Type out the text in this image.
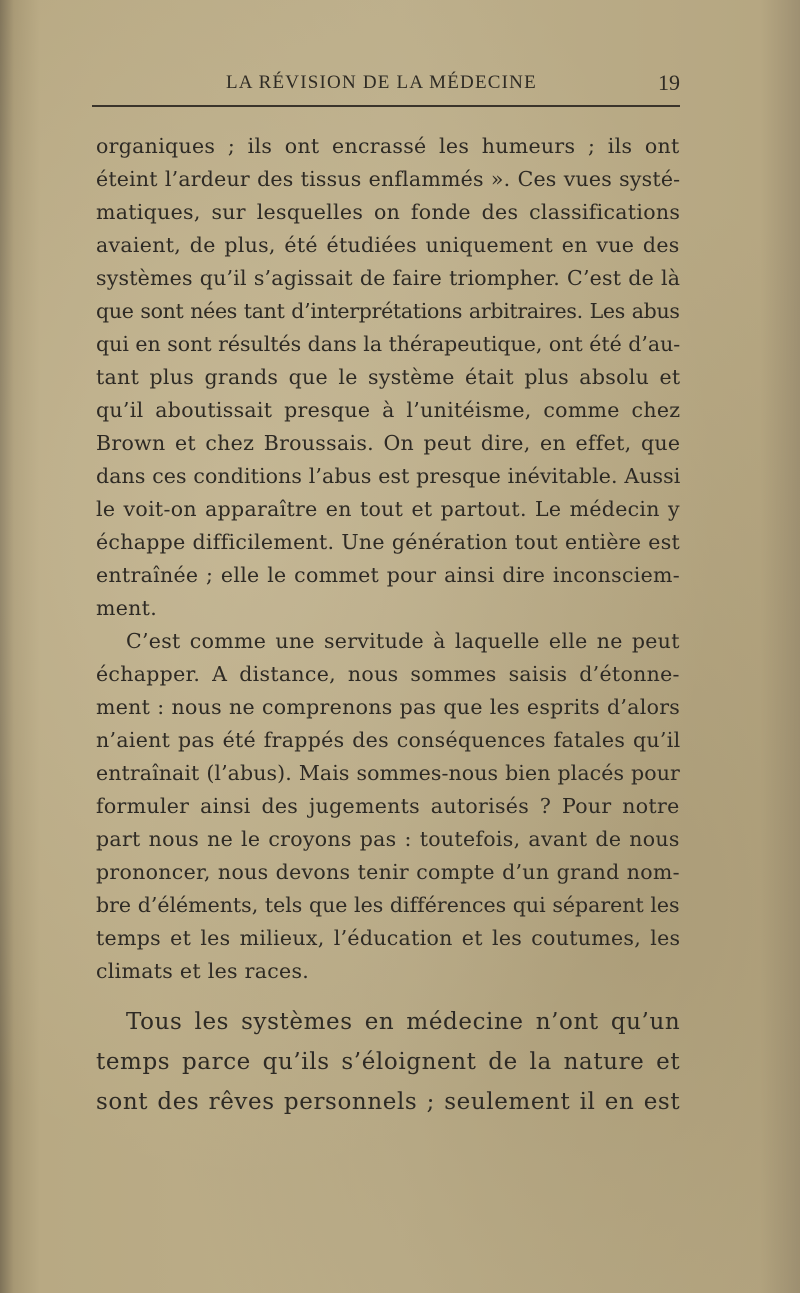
LA RÉVISION DE LA MÉDECINE	19
organiques ; ils ont encrassé les humeurs ; ils ont
éteint l’ardeur des tissus enflammés ». Ces vues systé-
matiques, sur lesquelles on fonde des classifications
avaient, de plus, été étudiées uniquement en vue des
systèmes qu’il s’agissait de faire triompher. C’est de là
que sont nées tant d’interprétations arbitraires. Les abus
qui en sont résultés dans la thérapeutique, ont été d’au-
tant plus grands que le système était plus absolu et
qu’il aboutissait presque à l’unitéisme, comme chez
Brown et chez Broussais. On peut dire, en effet, que
dans ces conditions l’abus est presque inévitable. Aussi
le voit-on apparaître en tout et partout. Le médecin y
échappe difficilement. Une génération tout entière est
entraînée ; elle le commet pour ainsi dire inconsciem-
ment.
C’est comme une servitude à laquelle elle ne peut
échapper. A distance, nous sommes saisis d’étonne-
ment : nous ne comprenons pas que les esprits d’alors
n’aient pas été frappés des conséquences fatales qu’il
entraînait (l’abus). Mais sommes-nous bien placés pour
formuler ainsi des jugements autorisés ? Pour notre
part nous ne le croyons pas : toutefois, avant de nous
prononcer, nous devons tenir compte d’un grand nom-
bre d’éléments, tels que les différences qui séparent les
temps et les milieux, l’éducation et les coutumes, les
climats et les races.
Tous les systèmes en médecine n’ont qu’un
temps parce qu’ils s’éloignent de la nature et
sont des rêves personnels ; seulement il en est
